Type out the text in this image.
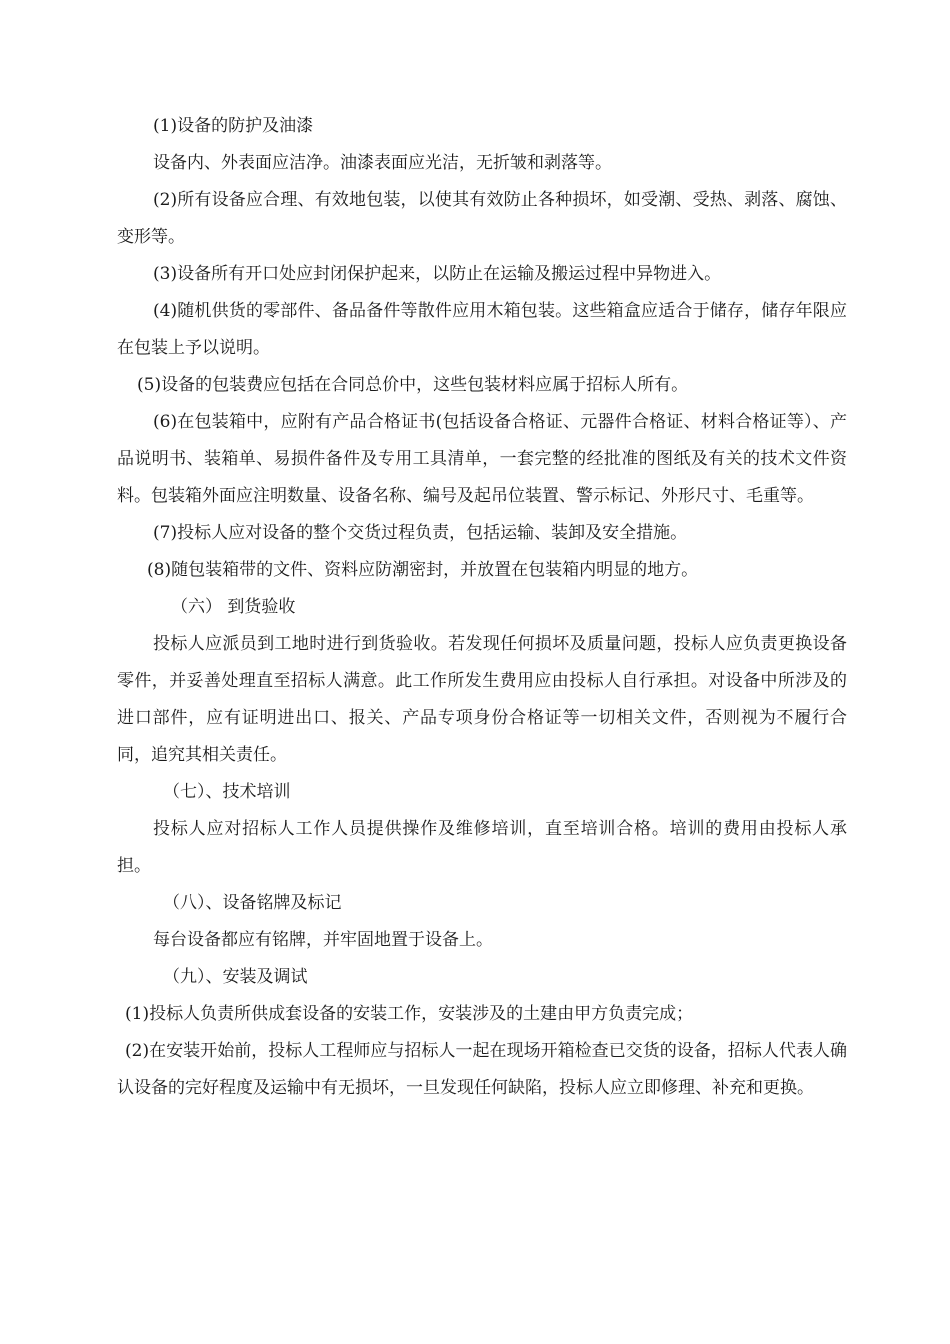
(1)设备的防护及油漆

设备内、外表面应洁净。油漆表面应光洁，无折皱和剥落等。

(2)所有设备应合理、有效地包装，以使其有效防止各种损坏，如受潮、受热、剥落、腐蚀、变形等。

(3)设备所有开口处应封闭保护起来，以防止在运输及搬运过程中异物进入。

(4)随机供货的零部件、备品备件等散件应用木箱包装。这些箱盒应适合于储存，储存年限应在包装上予以说明。

(5)设备的包装费应包括在合同总价中，这些包装材料应属于招标人所有。

(6)在包装箱中，应附有产品合格证书(包括设备合格证、元器件合格证、材料合格证等）、产品说明书、装箱单、易损件备件及专用工具清单，一套完整的经批准的图纸及有关的技术文件资料。包装箱外面应注明数量、设备名称、编号及起吊位装置、警示标记、外形尺寸、毛重等。

(7)投标人应对设备的整个交货过程负责，包括运输、装卸及安全措施。

(8)随包装箱带的文件、资料应防潮密封，并放置在包装箱内明显的地方。

（六） 到货验收

投标人应派员到工地时进行到货验收。若发现任何损坏及质量问题，投标人应负责更换设备零件，并妥善处理直至招标人满意。此工作所发生费用应由投标人自行承担。对设备中所涉及的进口部件，应有证明进出口、报关、产品专项身份合格证等一切相关文件，否则视为不履行合同，追究其相关责任。

（七）、技术培训

投标人应对招标人工作人员提供操作及维修培训，直至培训合格。培训的费用由投标人承担。

（八）、设备铭牌及标记

每台设备都应有铭牌，并牢固地置于设备上。

（九）、安装及调试

(1)投标人负责所供成套设备的安装工作，安装涉及的土建由甲方负责完成；

(2)在安装开始前，投标人工程师应与招标人一起在现场开箱检查已交货的设备，招标人代表人确认设备的完好程度及运输中有无损坏，一旦发现任何缺陷，投标人应立即修理、补充和更换。
